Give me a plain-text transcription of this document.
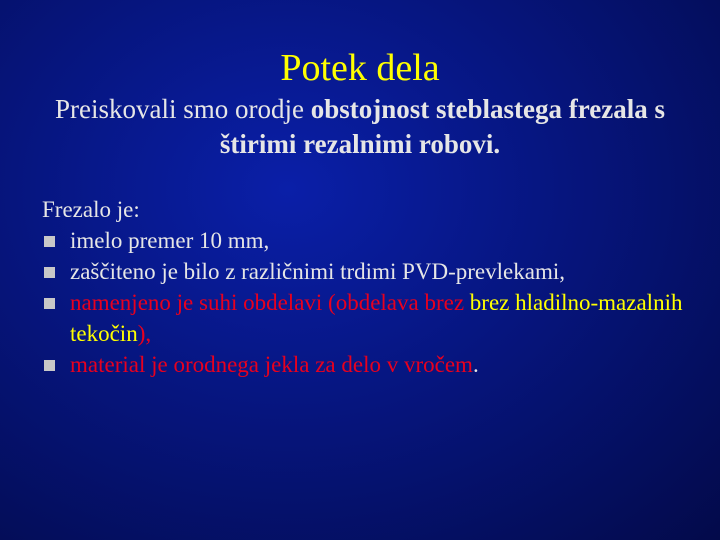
Potek dela
Preiskovali smo orodje obstojnost steblastega frezala s štirimi rezalnimi robovi.

Frezalo je:

imelo premer 10 mm,
zaščiteno je bilo z različnimi trdimi PVD-prevlekami,
namenjeno je suhi obdelavi (obdelava brez brez hladilno-mazalnih tekočin),
material je orodnega jekla za delo v vročem.
